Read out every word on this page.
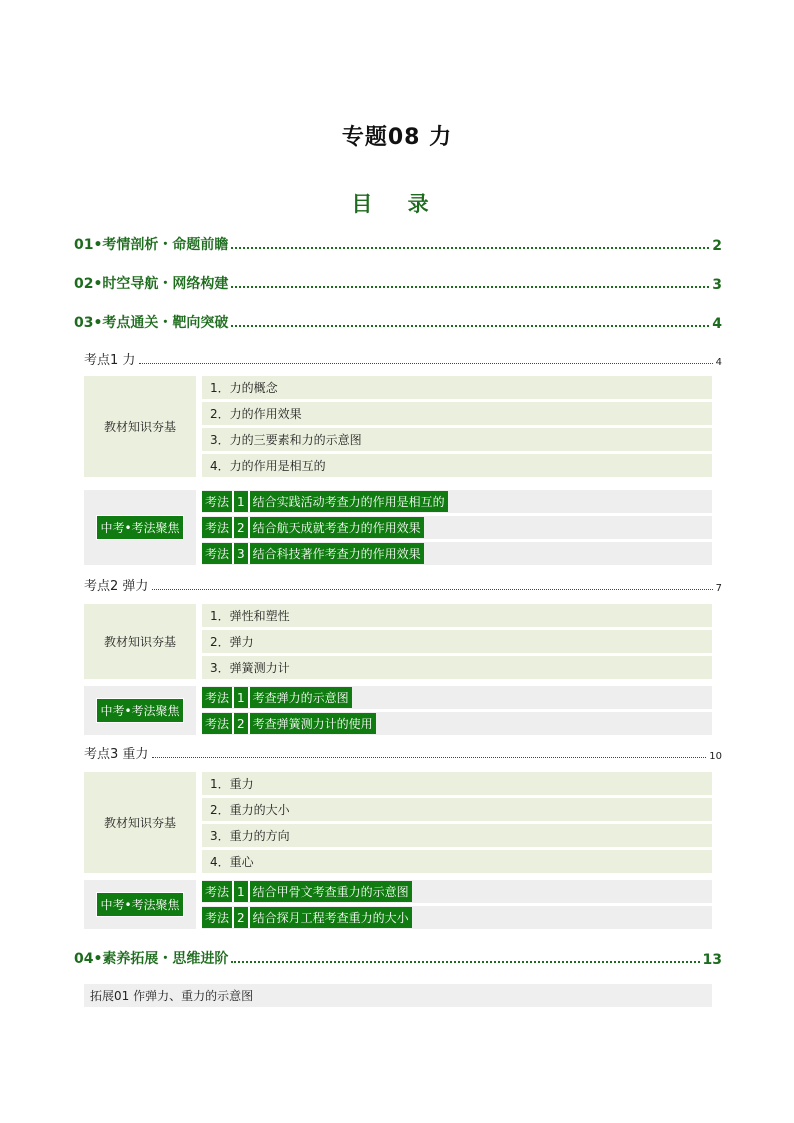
专题08 力
目 录
01•考情剖析・命题前瞻	2
02•时空导航・网络构建	3
03•考点通关・靶向突破	4
考点1 力	4
教材知识夯基		1．力的概念
2．力的作用效果
3．力的三要素和力的示意图
4．力的作用是相互的
中考•考法聚焦		
考法 1 结合实践活动考查力的作用是相互的

考法 2 结合航天成就考查力的作用效果

考法 3 结合科技著作考查力的作用效果
考点2 弹力	7
教材知识夯基		1．弹性和塑性
2．弹力
3．弹簧测力计
中考•考法聚焦		
考法 1 考查弹力的示意图

考法 2 考查弹簧测力计的使用
考点3 重力	10
教材知识夯基		1．重力
2．重力的大小
3．重力的方向
4．重心
中考•考法聚焦		
考法 1 结合甲骨文考查重力的示意图

考法 2 结合探月工程考查重力的大小
04•素养拓展・思维进阶	13
拓展01 作弹力、重力的示意图
